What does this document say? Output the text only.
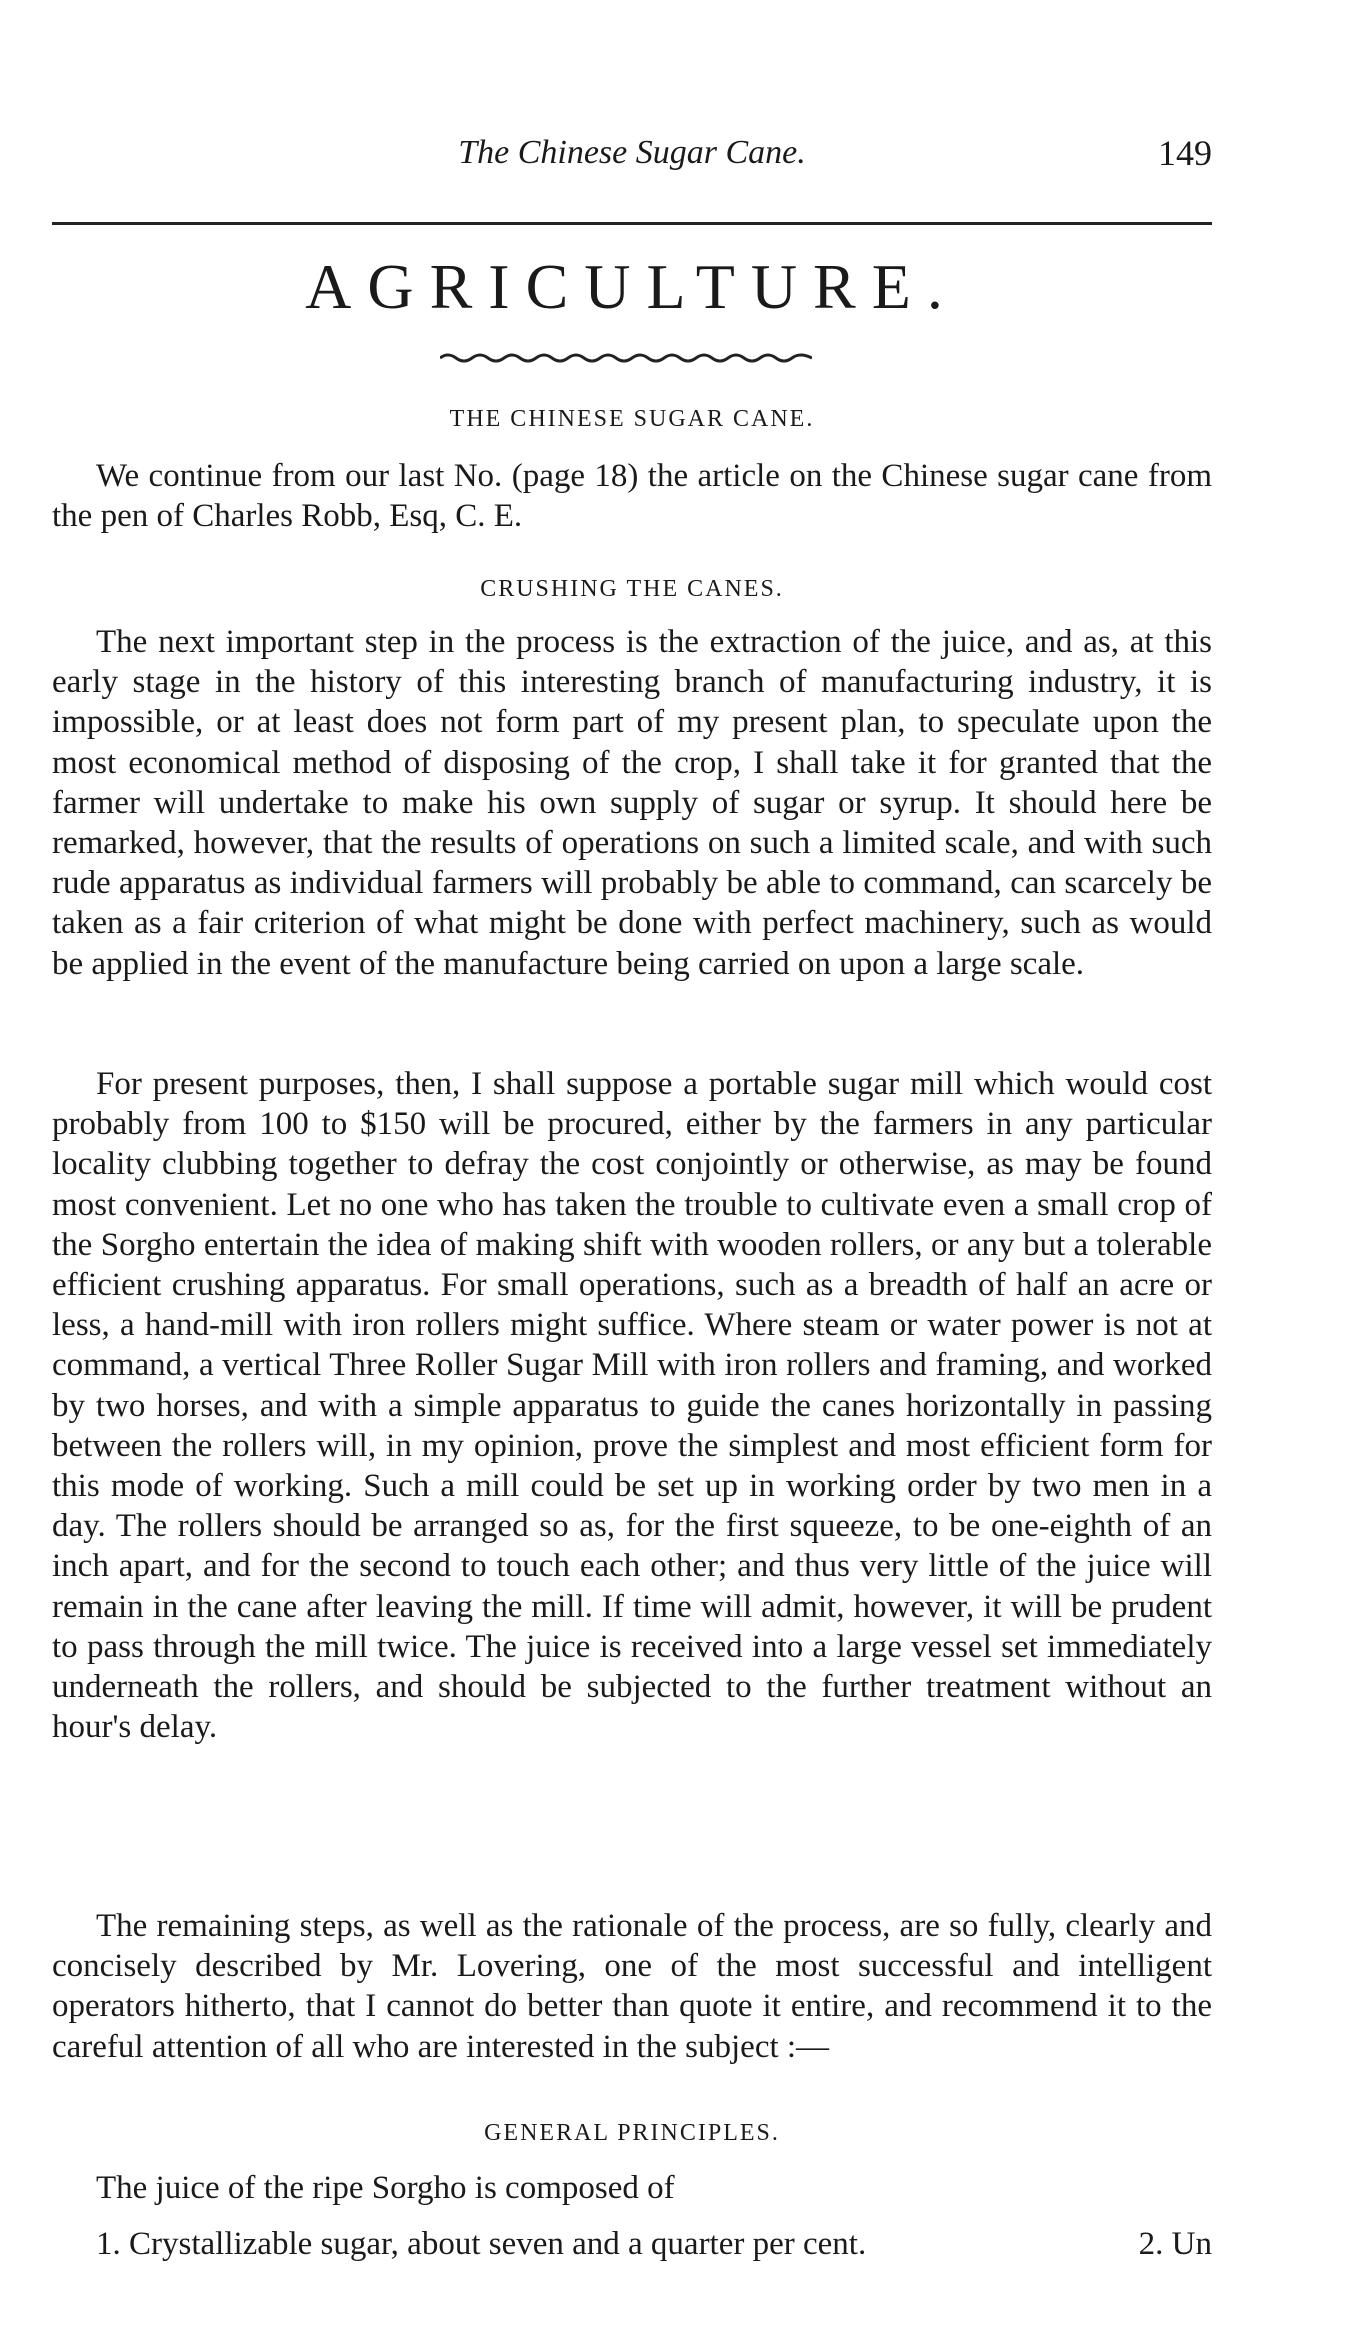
The Chinese Sugar Cane.	149
AGRICULTURE.
THE CHINESE SUGAR CANE.

We continue from our last No. (page 18) the article on the Chinese sugar cane from the pen of Charles Robb, Esq, C. E.

CRUSHING THE CANES.

The next important step in the process is the extraction of the juice, and as, at this early stage in the history of this interesting branch of manufacturing industry, it is impossible, or at least does not form part of my present plan, to speculate upon the most economical method of disposing of the crop, I shall take it for granted that the farmer will undertake to make his own supply of sugar or syrup. It should here be remarked, however, that the results of operations on such a limited scale, and with such rude apparatus as individual farmers will probably be able to command, can scarcely be taken as a fair criterion of what might be done with perfect machinery, such as would be applied in the event of the manufacture being carried on upon a large scale.

For present purposes, then, I shall suppose a portable sugar mill which would cost probably from 100 to $150 will be procured, either by the farmers in any particular locality clubbing together to defray the cost conjointly or otherwise, as may be found most convenient. Let no one who has taken the trouble to cultivate even a small crop of the Sorgho entertain the idea of making shift with wooden rollers, or any but a tolerable efficient crushing apparatus. For small operations, such as a breadth of half an acre or less, a hand-mill with iron rollers might suffice. Where steam or water power is not at command, a vertical Three Roller Sugar Mill with iron rollers and framing, and worked by two horses, and with a simple apparatus to guide the canes horizontally in passing between the rollers will, in my opinion, prove the simplest and most efficient form for this mode of working. Such a mill could be set up in working order by two men in a day. The rollers should be arranged so as, for the first squeeze, to be one-eighth of an inch apart, and for the second to touch each other; and thus very little of the juice will remain in the cane after leaving the mill. If time will admit, however, it will be prudent to pass through the mill twice. The juice is received into a large vessel set immediately underneath the rollers, and should be subjected to the further treatment without an hour's delay.

The remaining steps, as well as the rationale of the process, are so fully, clearly and concisely described by Mr. Lovering, one of the most successful and intelligent operators hitherto, that I cannot do better than quote it entire, and recommend it to the careful attention of all who are interested in the subject :—

GENERAL PRINCIPLES.
The juice of the ripe Sorgho is composed of
1. Crystallizable sugar, about seven and a quarter per cent.	2. Un
